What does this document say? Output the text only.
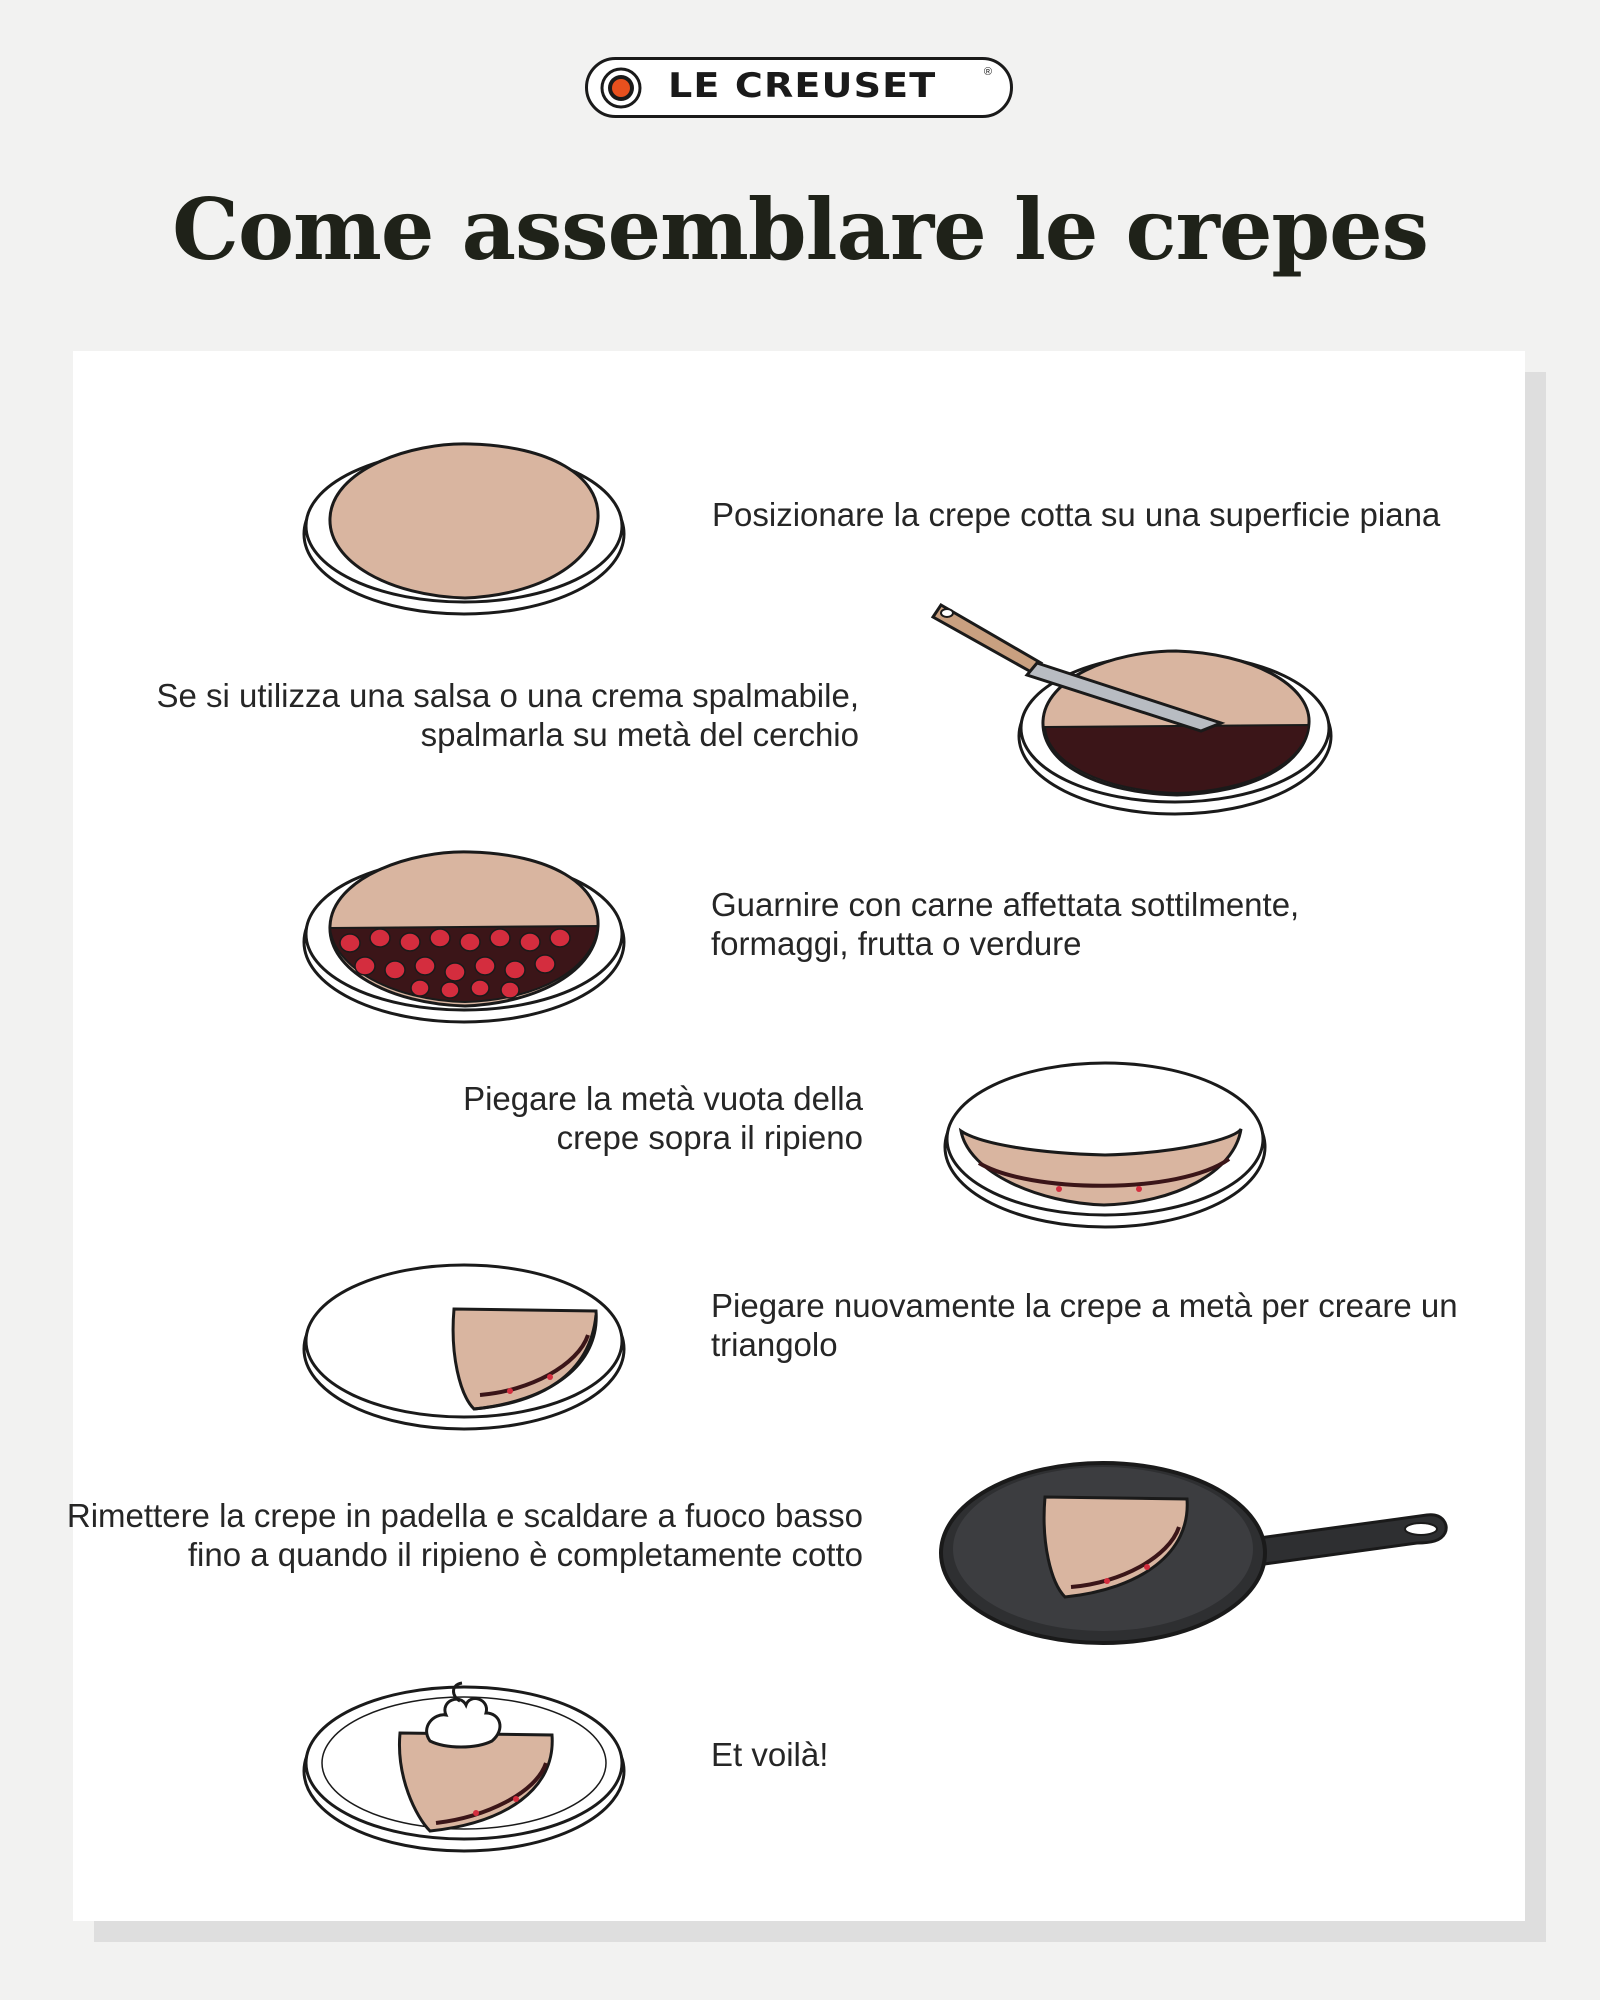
LE CREUSET	®
Come assemblare le crepes
Posizionare la crepe cotta su una superficie piana
Se si utilizza una salsa o una crema spalmabile,
spalmarla su metà del cerchio
Guarnire con carne affettata sottilmente,
formaggi, frutta o verdure
Piegare la metà vuota della
crepe sopra il ripieno
Piegare nuovamente la crepe a metà per creare un
triangolo
Rimettere la crepe in padella e scaldare a fuoco basso
fino a quando il ripieno è completamente cotto
Et voilà!
